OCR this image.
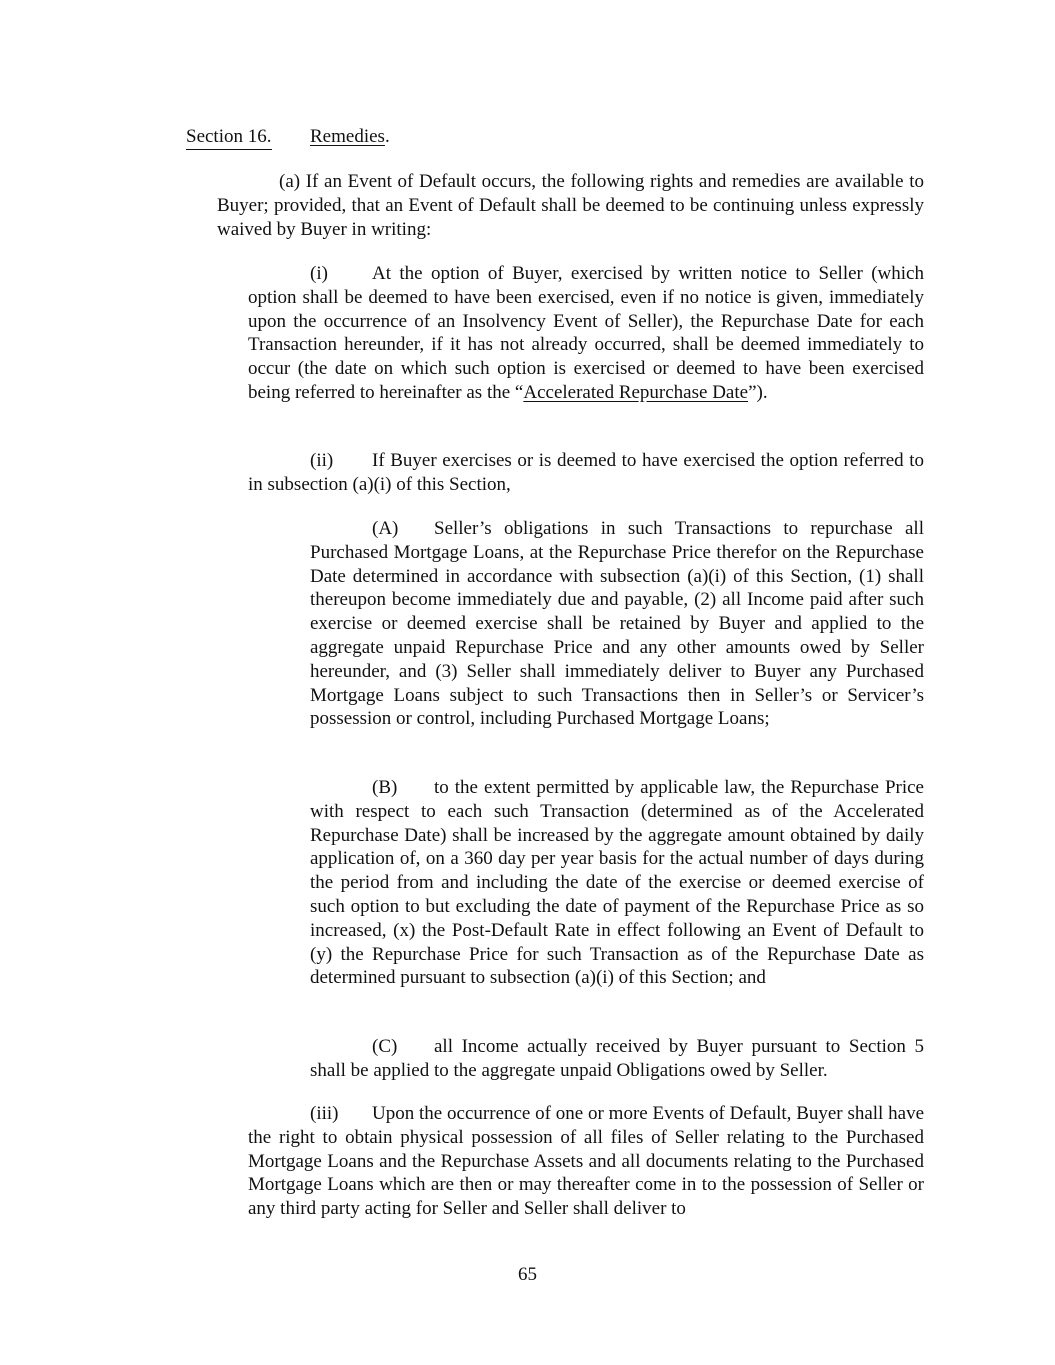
Section 16. Remedies.
(a) If an Event of Default occurs, the following rights and remedies are available to Buyer; provided, that an Event of Default shall be deemed to be continuing unless expressly waived by Buyer in writing:
(i) At the option of Buyer, exercised by written notice to Seller (which option shall be deemed to have been exercised, even if no notice is given, immediately upon the occurrence of an Insolvency Event of Seller), the Repurchase Date for each Transaction hereunder, if it has not already occurred, shall be deemed immediately to occur (the date on which such option is exercised or deemed to have been exercised being referred to hereinafter as the “Accelerated Repurchase Date”).
(ii) If Buyer exercises or is deemed to have exercised the option referred to in subsection (a)(i) of this Section,
(A) Seller’s obligations in such Transactions to repurchase all Purchased Mortgage Loans, at the Repurchase Price therefor on the Repurchase Date determined in accordance with subsection (a)(i) of this Section, (1) shall thereupon become immediately due and payable, (2) all Income paid after such exercise or deemed exercise shall be retained by Buyer and applied to the aggregate unpaid Repurchase Price and any other amounts owed by Seller hereunder, and (3) Seller shall immediately deliver to Buyer any Purchased Mortgage Loans subject to such Transactions then in Seller’s or Servicer’s possession or control, including Purchased Mortgage Loans;
(B) to the extent permitted by applicable law, the Repurchase Price with respect to each such Transaction (determined as of the Accelerated Repurchase Date) shall be increased by the aggregate amount obtained by daily application of, on a 360 day per year basis for the actual number of days during the period from and including the date of the exercise or deemed exercise of such option to but excluding the date of payment of the Repurchase Price as so increased, (x) the Post-Default Rate in effect following an Event of Default to (y) the Repurchase Price for such Transaction as of the Repurchase Date as determined pursuant to subsection (a)(i) of this Section; and
(C) all Income actually received by Buyer pursuant to Section 5 shall be applied to the aggregate unpaid Obligations owed by Seller.
(iii) Upon the occurrence of one or more Events of Default, Buyer shall have the right to obtain physical possession of all files of Seller relating to the Purchased Mortgage Loans and the Repurchase Assets and all documents relating to the Purchased Mortgage Loans which are then or may thereafter come in to the possession of Seller or any third party acting for Seller and Seller shall deliver to
65
